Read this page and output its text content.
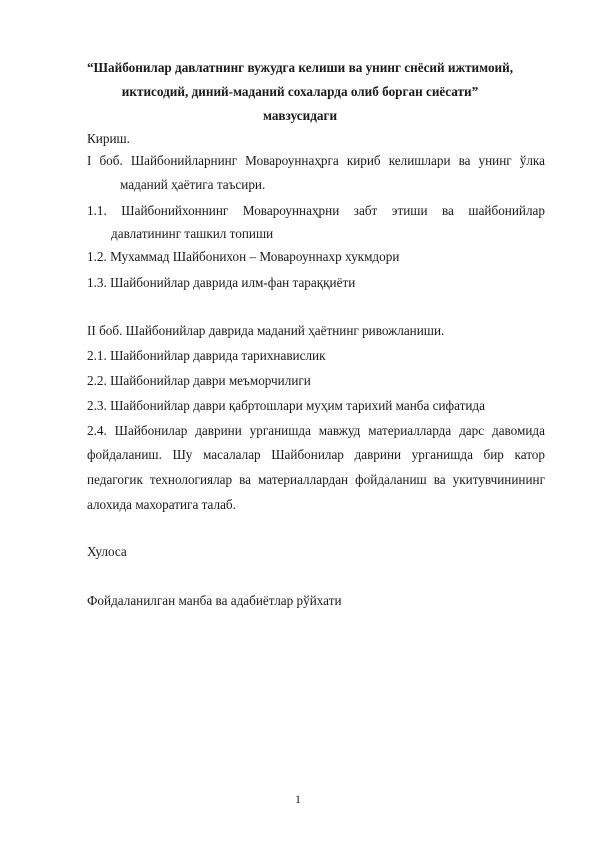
“Шайбонилар давлатнинг вужудга келиши ва унинг снёсий ижтимоий,
иктисодий, диний-маданий сохаларда олиб борган сиёсати” мавзусидаги
Кириш.
I боб. Шайбонийларнинг Мовароуннаҳрга кириб келишлари ва унинг ўлка
маданий ҳаётига таъсири.
1.1. Шайбонийхоннинг Мовароуннаҳрни забт этиши ва шайбонийлар
давлатининг ташкил топиши
1.2. Мухаммад Шайбонихон – Мовароуннахр хукмдори
1.3. Шайбонийлар даврида илм-фан тараққиёти
II боб. Шайбонийлар даврида маданий ҳаётнинг ривожланиши.
2.1. Шайбонийлар даврида тарихнавислик
2.2. Шайбонийлар даври меъморчилиги
2.3. Шайбонийлар даври қабртошлари муҳим тарихий манба сифатида
2.4. Шайбонилар даврини урганишда мавжуд материалларда дарс давомида
фойдаланиш. Шу масалалар Шайбонилар даврини урганишда бир катор
педагогик технологиялар ва материаллардан фойдаланиш ва укитувчинининг
алохида махоратига талаб.
Хулоса
Фойдаланилган манба ва адабиётлар рўйхати
1
